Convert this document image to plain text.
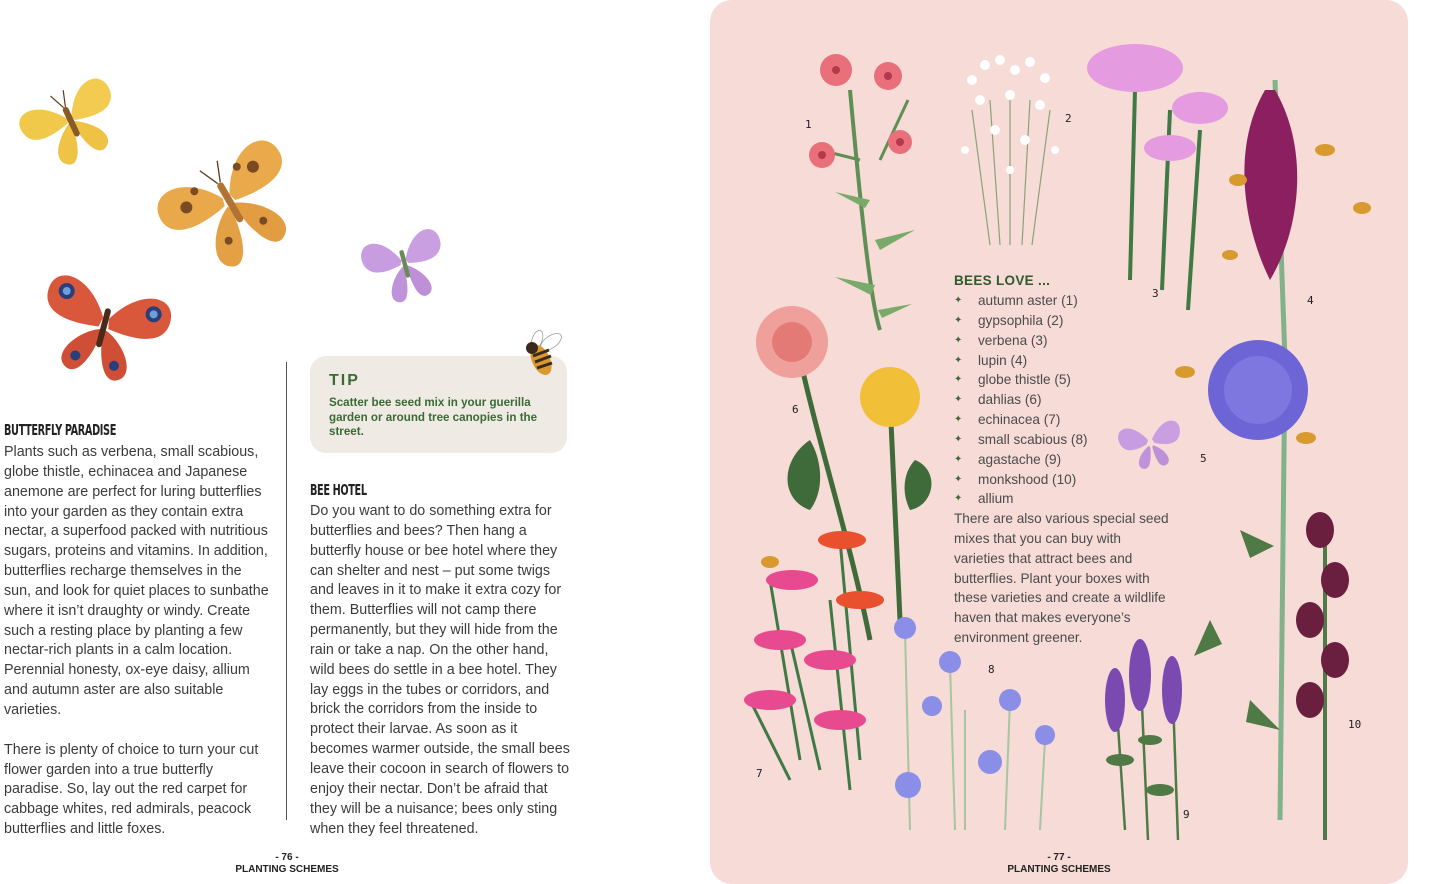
BUTTERFLY PARADISE

Plants such as verbena, small scabious, globe thistle, echinacea and Japanese anemone are perfect for luring butterflies into your garden as they contain extra nectar, a superfood packed with nutritious sugars, proteins and vitamins. In addition, butterflies recharge themselves in the sun, and look for quiet places to sunbathe where it isn’t draughty or windy. Create such a resting place by planting a few nectar-rich plants in a calm location. Perennial honesty, ox-eye daisy, allium and autumn aster are also suitable varieties.

There is plenty of choice to turn your cut flower garden into a true butterfly paradise. So, lay out the red carpet for cabbage whites, red admirals, peacock butterflies and little foxes.

TIP
Scatter bee seed mix in your guerilla garden or around tree canopies in the street.
BEE HOTEL
Do you want to do something extra for butterflies and bees? Then hang a butterfly house or bee hotel where they can shelter and nest – put some twigs and leaves in it to make it extra cozy for them. Butterflies will not camp there permanently, but they will hide from the rain or take a nap. On the other hand, wild bees do settle in a bee hotel. They lay eggs in the tubes or corridors, and brick the corridors from the inside to protect their larvae. As soon as it becomes warmer outside, the small bees leave their cocoon in search of flowers to enjoy their nectar. Don’t be afraid that they will be a nuisance; bees only sting when they feel threatened.
- 76 -
PLANTING SCHEMES
1	2
3
4
5
6
7
8
9
10
BEES LOVE ...
✦ autumn aster (1)
✦ gypsophila (2)
✦ verbena (3)
✦ lupin (4)
✦ globe thistle (5)
✦ dahlias (6)
✦ echinacea (7)
✦ small scabious (8)
✦ agastache (9)
✦ monkshood (10)
✦ allium
There are also various special seed mixes that you can buy with varieties that attract bees and butterflies. Plant your boxes with these varieties and create a wildlife haven that makes everyone’s environment greener.
- 77 -
PLANTING SCHEMES
